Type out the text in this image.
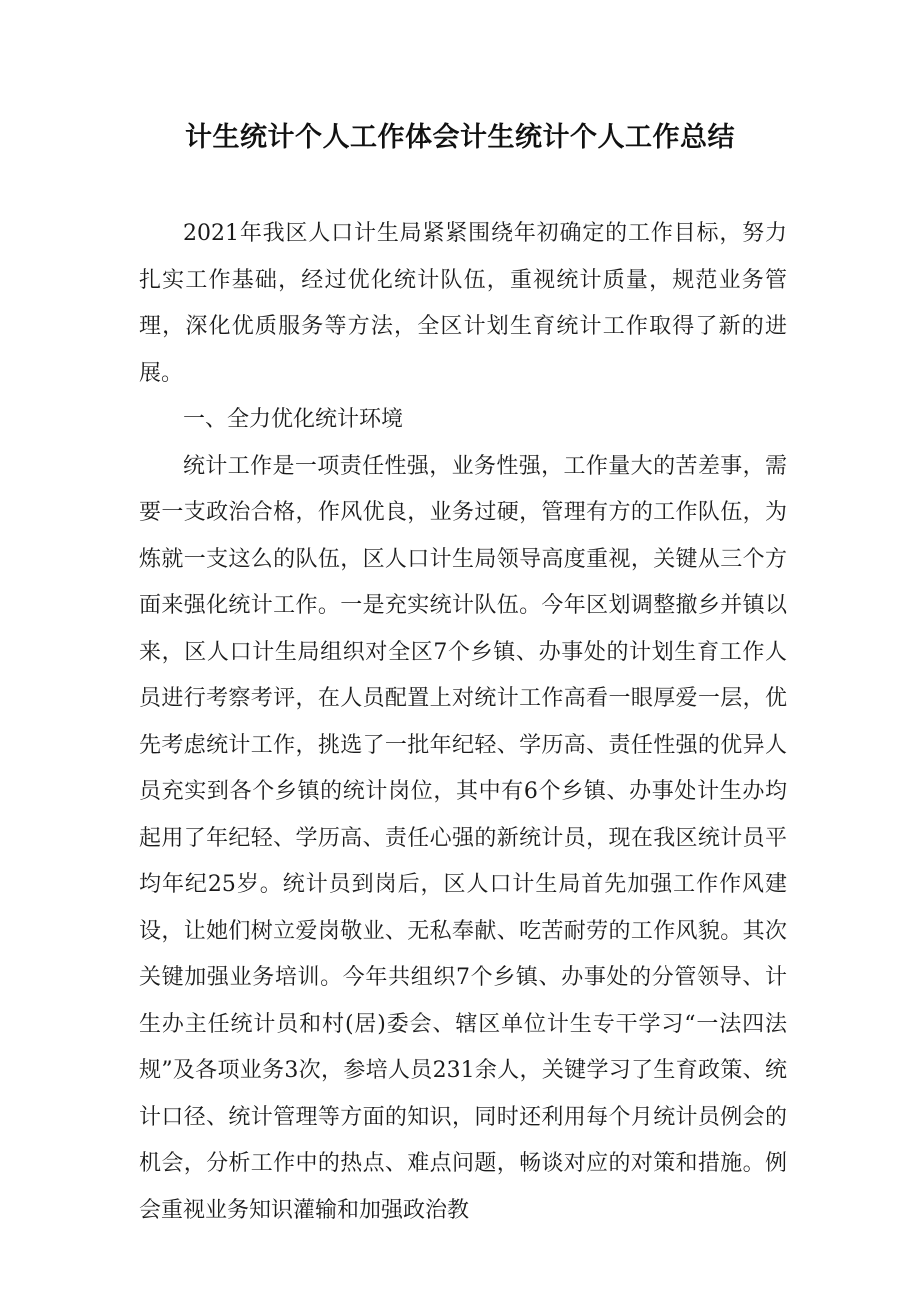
计生统计个人工作体会计生统计个人工作总结

2021年我区人口计生局紧紧围绕年初确定的工作目标，努力扎实工作基础，经过优化统计队伍，重视统计质量，规范业务管理，深化优质服务等方法，全区计划生育统计工作取得了新的进展。

一、全力优化统计环境

统计工作是一项责任性强，业务性强，工作量大的苦差事，需要一支政治合格，作风优良，业务过硬，管理有方的工作队伍，为炼就一支这么的队伍，区人口计生局领导高度重视，关键从三个方面来强化统计工作。一是充实统计队伍。今年区划调整撤乡并镇以来，区人口计生局组织对全区7个乡镇、办事处的计划生育工作人员进行考察考评，在人员配置上对统计工作高看一眼厚爱一层，优先考虑统计工作，挑选了一批年纪轻、学历高、责任性强的优异人员充实到各个乡镇的统计岗位，其中有6个乡镇、办事处计生办均起用了年纪轻、学历高、责任心强的新统计员，现在我区统计员平均年纪25岁。统计员到岗后，区人口计生局首先加强工作作风建设，让她们树立爱岗敬业、无私奉献、吃苦耐劳的工作风貌。其次关键加强业务培训。今年共组织7个乡镇、办事处的分管领导、计生办主任统计员和村(居)委会、辖区单位计生专干学习“一法四法规”及各项业务3次，参培人员231余人，关键学习了生育政策、统计口径、统计管理等方面的知识，同时还利用每个月统计员例会的机会，分析工作中的热点、难点问题，畅谈对应的对策和措施。例会重视业务知识灌输和加强政治教
